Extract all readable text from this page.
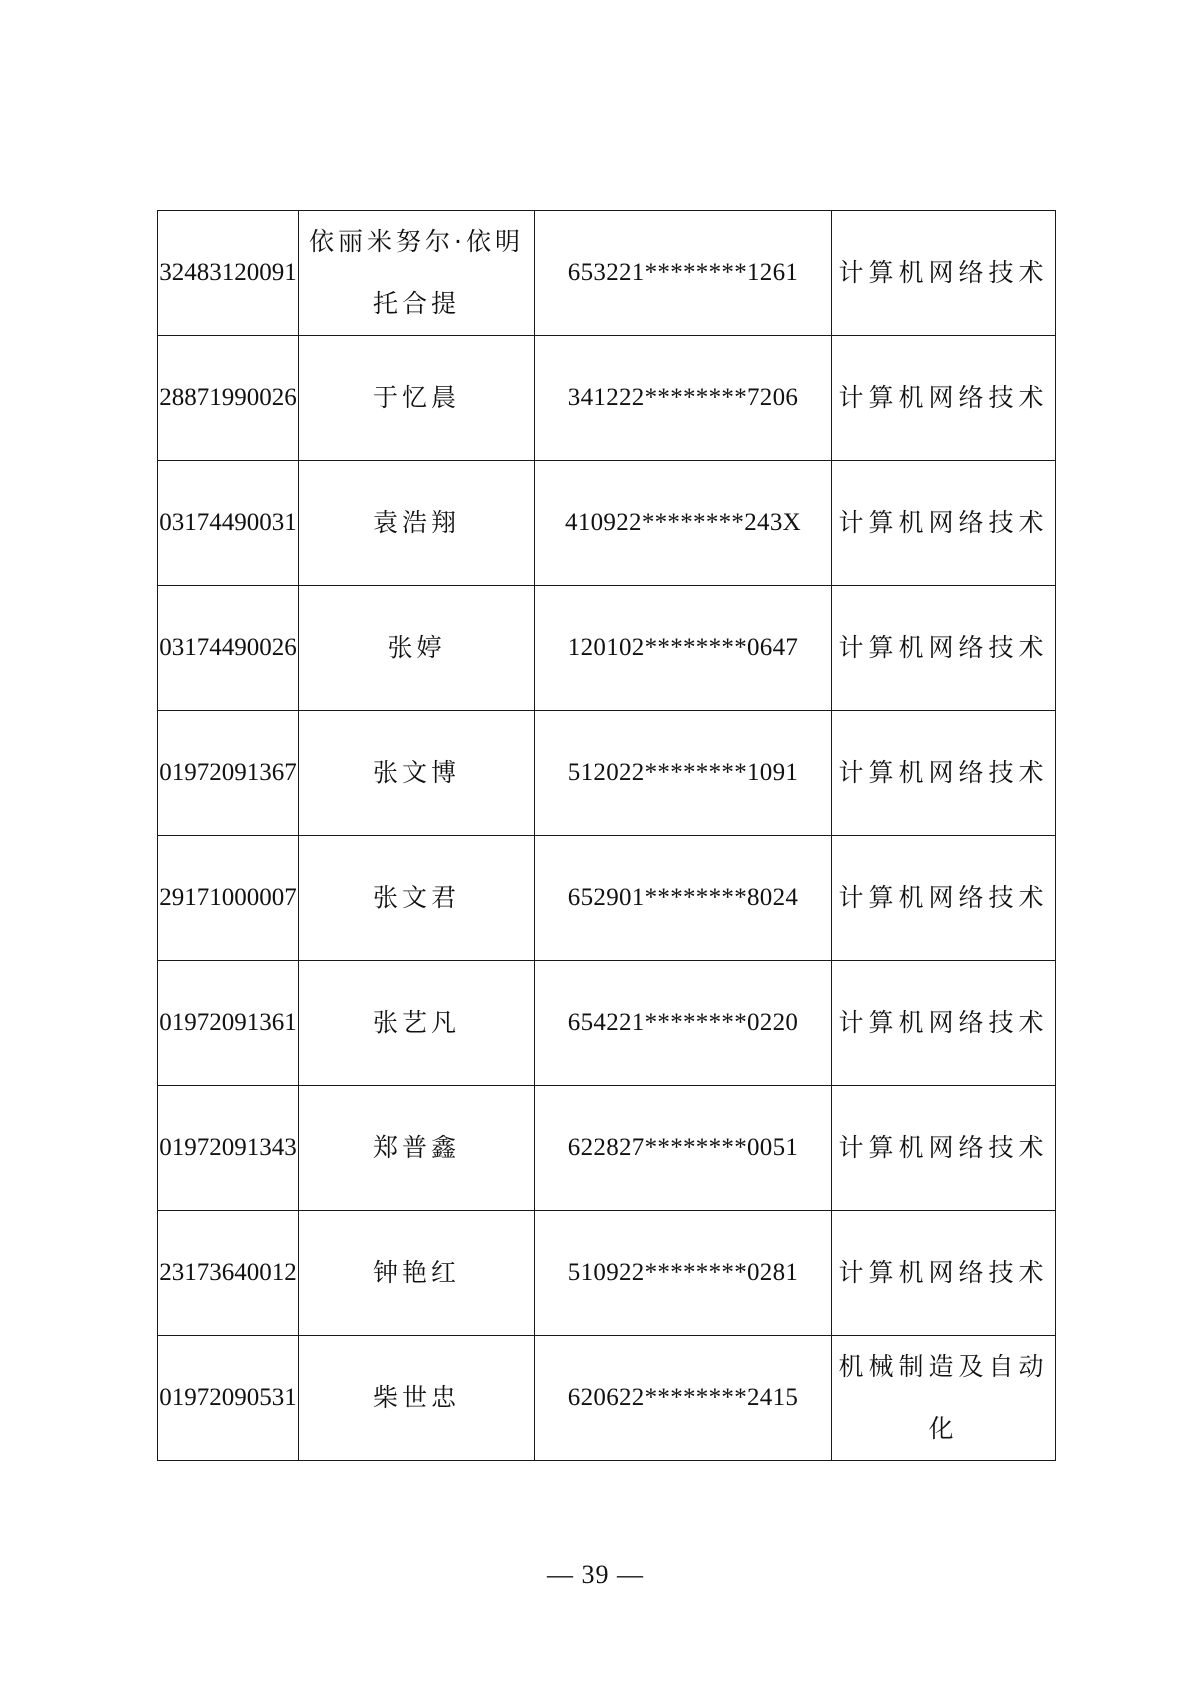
32483120091	依丽米努尔·依明托合提	653221********1261	计算机网络技术
28871990026	于忆晨	341222********7206	计算机网络技术
03174490031	袁浩翔	410922********243X	计算机网络技术
03174490026	张婷	120102********0647	计算机网络技术
01972091367	张文博	512022********1091	计算机网络技术
29171000007	张文君	652901********8024	计算机网络技术
01972091361	张艺凡	654221********0220	计算机网络技术
01972091343	郑普鑫	622827********0051	计算机网络技术
23173640012	钟艳红	510922********0281	计算机网络技术
01972090531	柴世忠	620622********2415	机械制造及自动化
— 39 —
